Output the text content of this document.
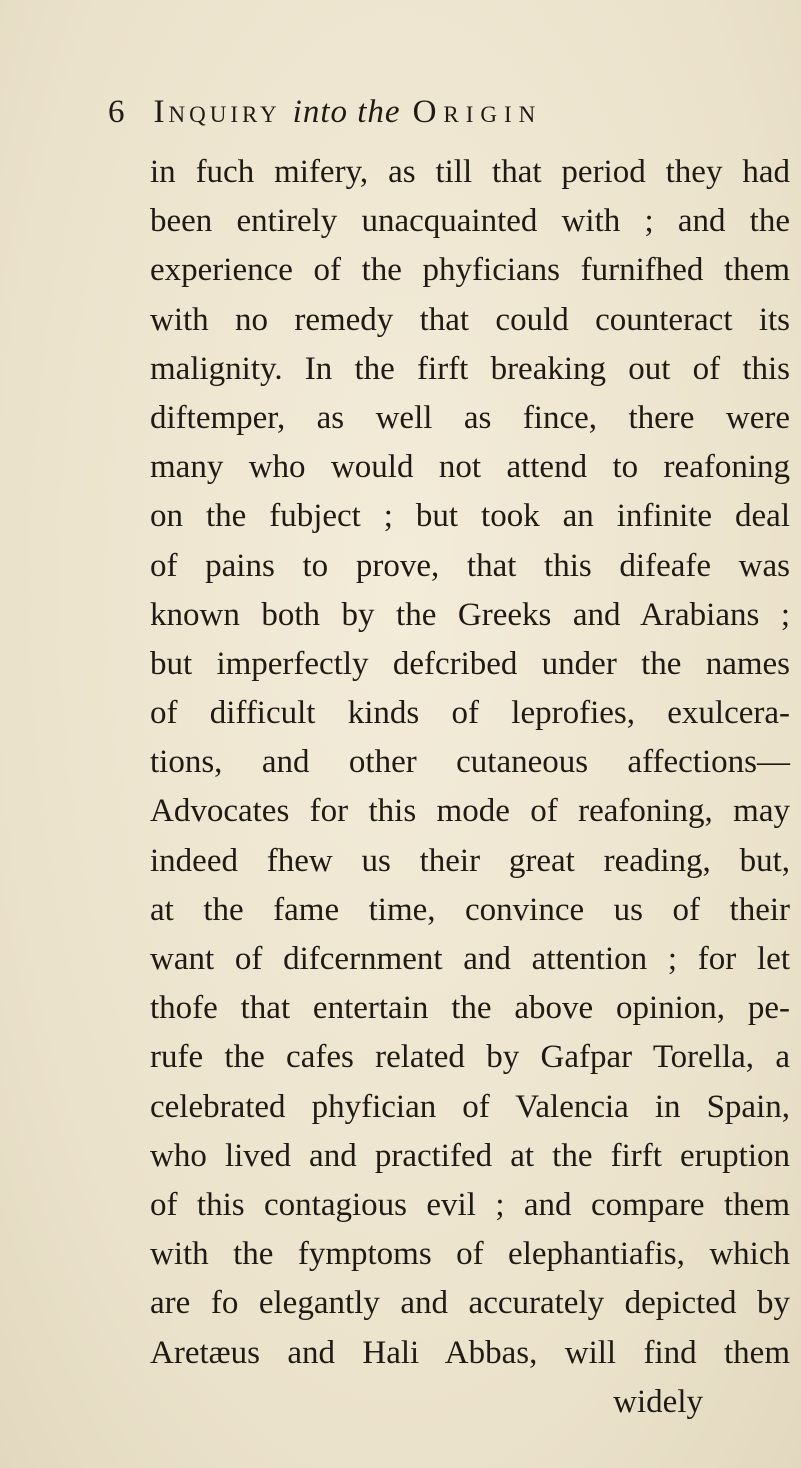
6 Inquiry into the Origin
in fuch mifery, as till that period they had
been entirely unacquainted with ; and the
experience of the phyficians furnifhed them
with no remedy that could counteract its
malignity. In the firft breaking out of this
diftemper, as well as fince, there were
many who would not attend to reafoning
on the fubject ; but took an infinite deal
of pains to prove, that this difeafe was
known both by the Greeks and Arabians ;
but imperfectly defcribed under the names
of difficult kinds of leprofies, exulcera-
tions, and other cutaneous affections—
Advocates for this mode of reafoning, may
indeed fhew us their great reading, but,
at the fame time, convince us of their
want of difcernment and attention ; for let
thofe that entertain the above opinion, pe-
rufe the cafes related by Gafpar Torella, a
celebrated phyfician of Valencia in Spain,
who lived and practifed at the firft eruption
of this contagious evil ; and compare them
with the fymptoms of elephantiafis, which
are fo elegantly and accurately depicted by
Aretæus and Hali Abbas, will find them
widely
